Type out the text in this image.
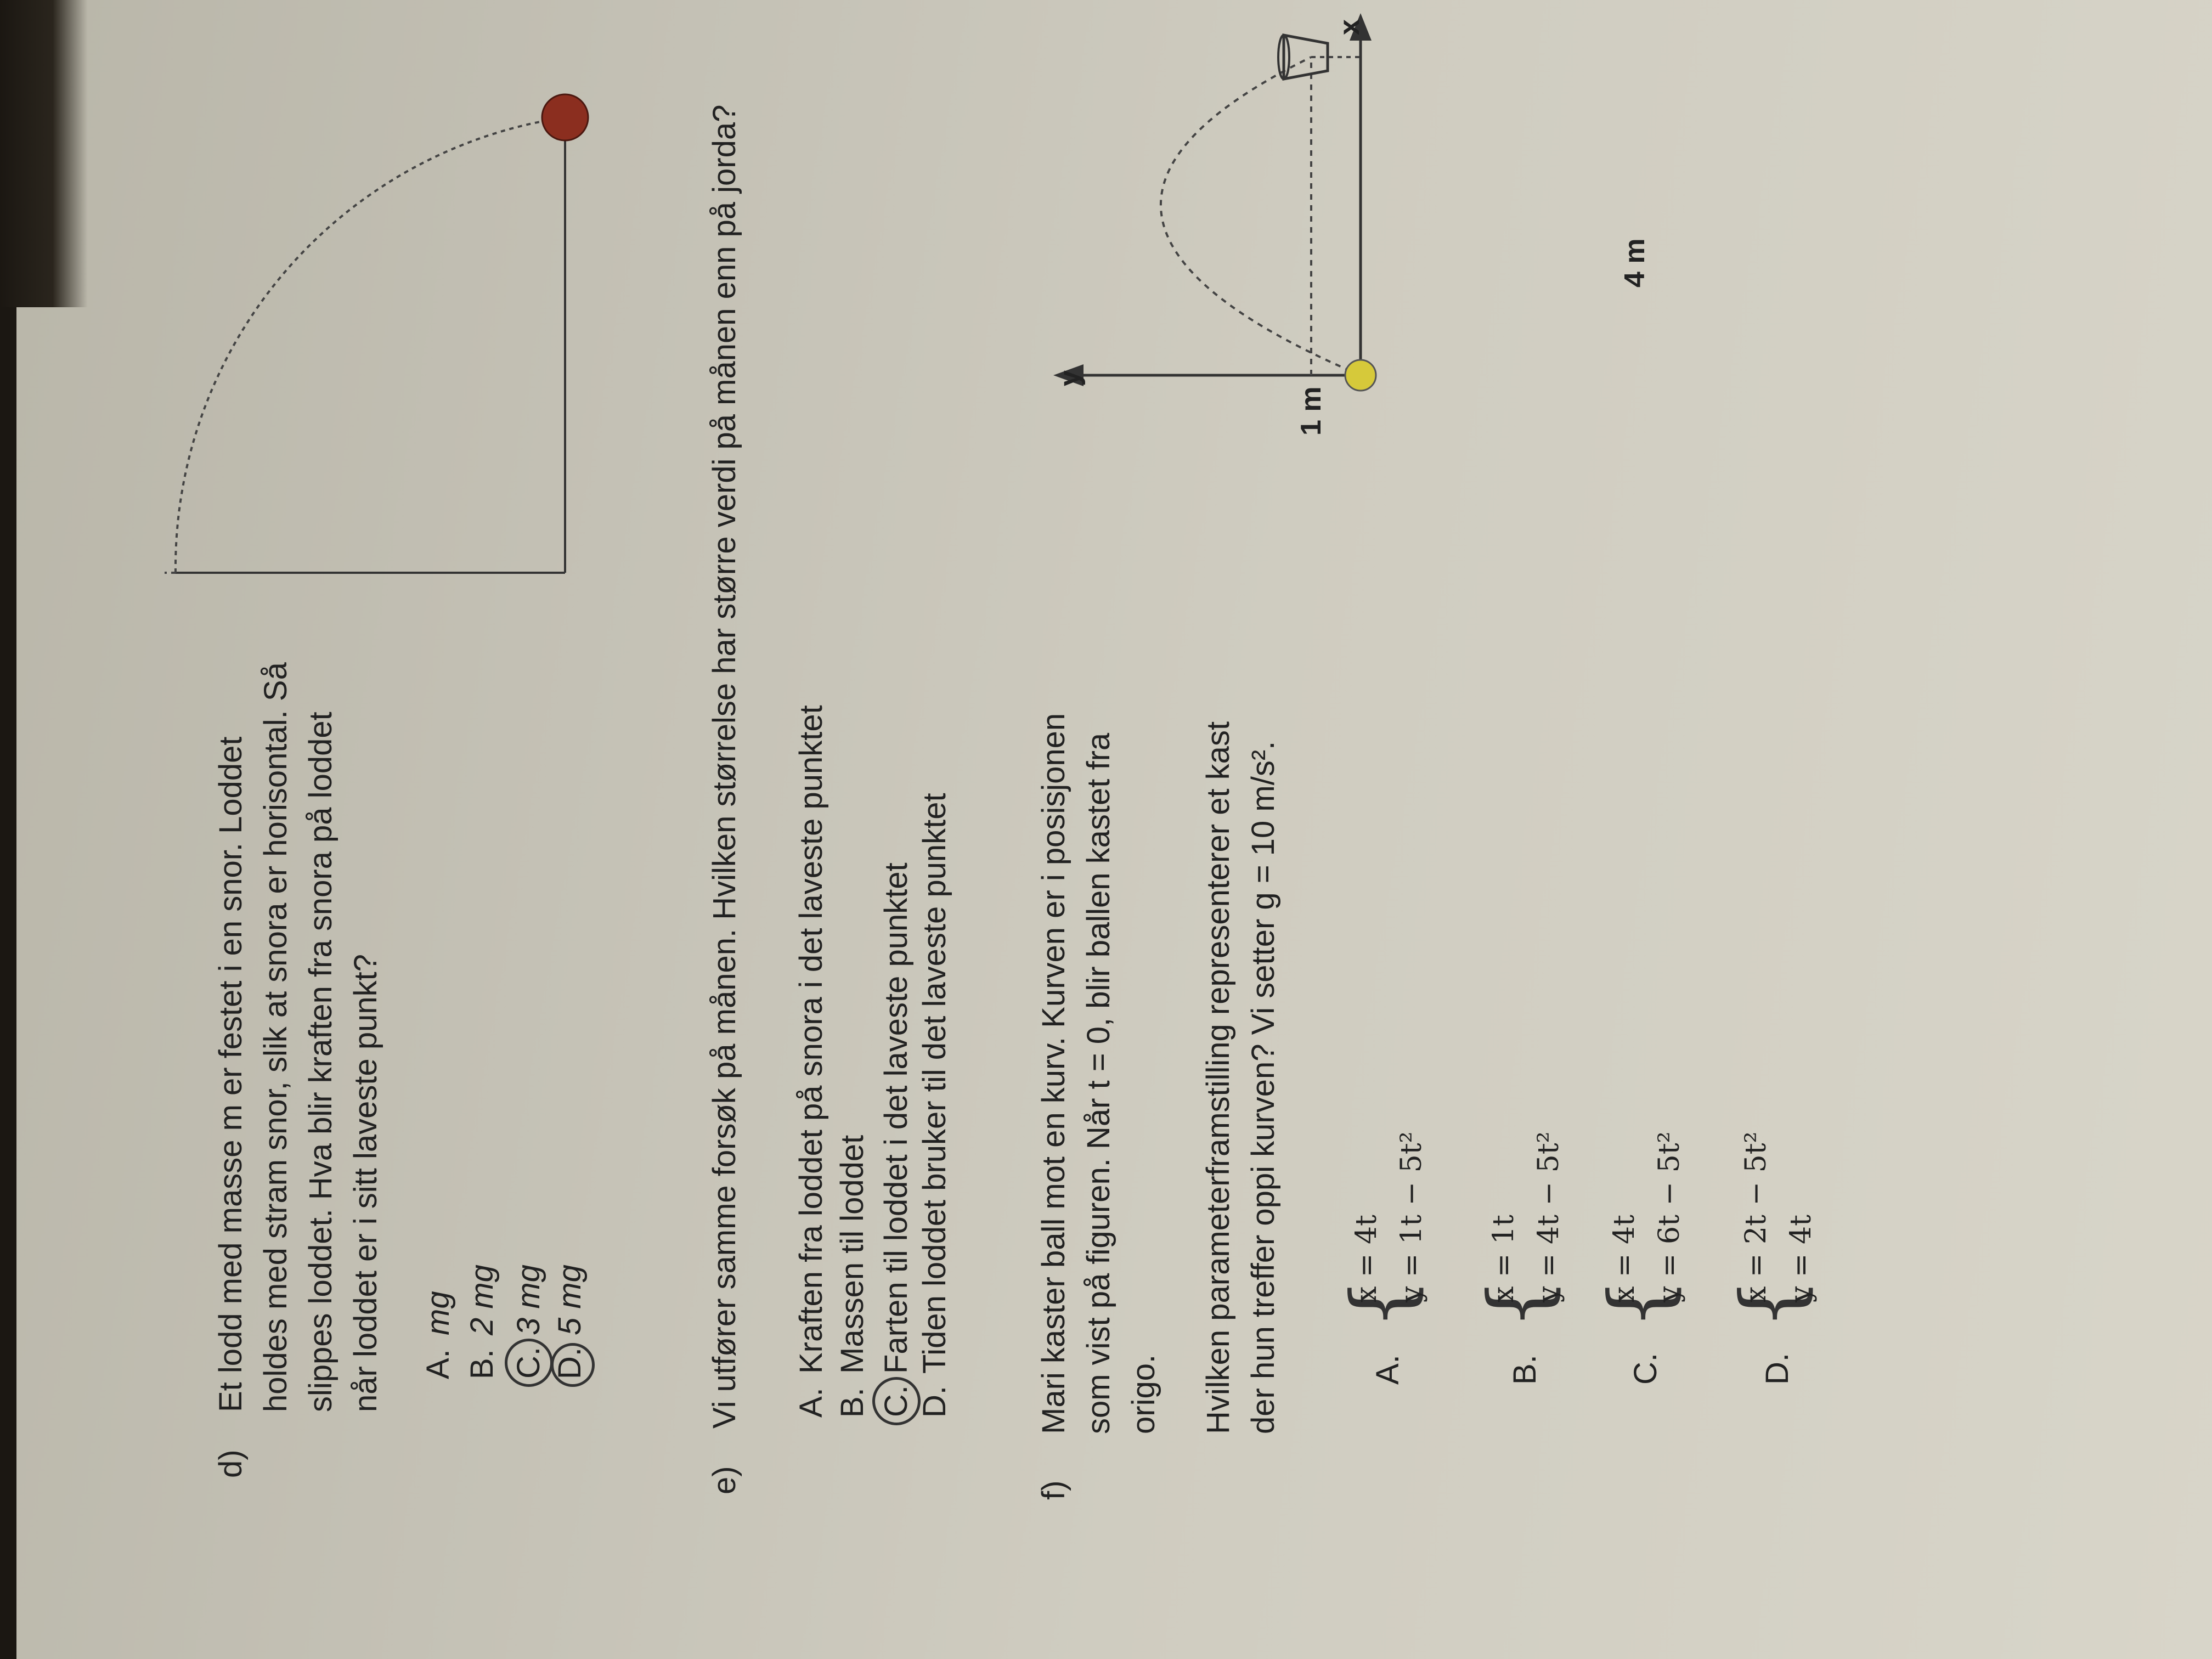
d)
Et lodd med masse m er festet i en snor. Loddet
holdes med stram snor, slik at snora er horisontal. Så
slippes loddet. Hva blir kraften fra snora på loddet
når loddet er i sitt laveste punkt?
A.mg
B.2 mg
C.3 mg
D.5 mg
e)
Vi utfører samme forsøk på månen. Hvilken størrelse har større verdi på månen enn på jorda? A.Kraften fra loddet på snora i det laveste punktet
B.Massen til loddet
C.Farten til loddet i det laveste punktet
D.Tiden loddet bruker til det laveste punktet
f)
Mari kaster ball mot en kurv. Kurven er i posisjonen
som vist på figuren. Når t = 0, blir ballen kastet fra
origo. Hvilken parameterframstilling representerer et kast
der hun treffer oppi kurven? Vi setter g = 10 m/s².
A.
{
x = 4t y = 1t − 5t²
B.
{
x = 1t y = 4t − 5t²
C.
{
x = 4t y = 6t − 5t²
D.
{
x = 2t − 5t² y = 4t
y
x
1 m
4 m
